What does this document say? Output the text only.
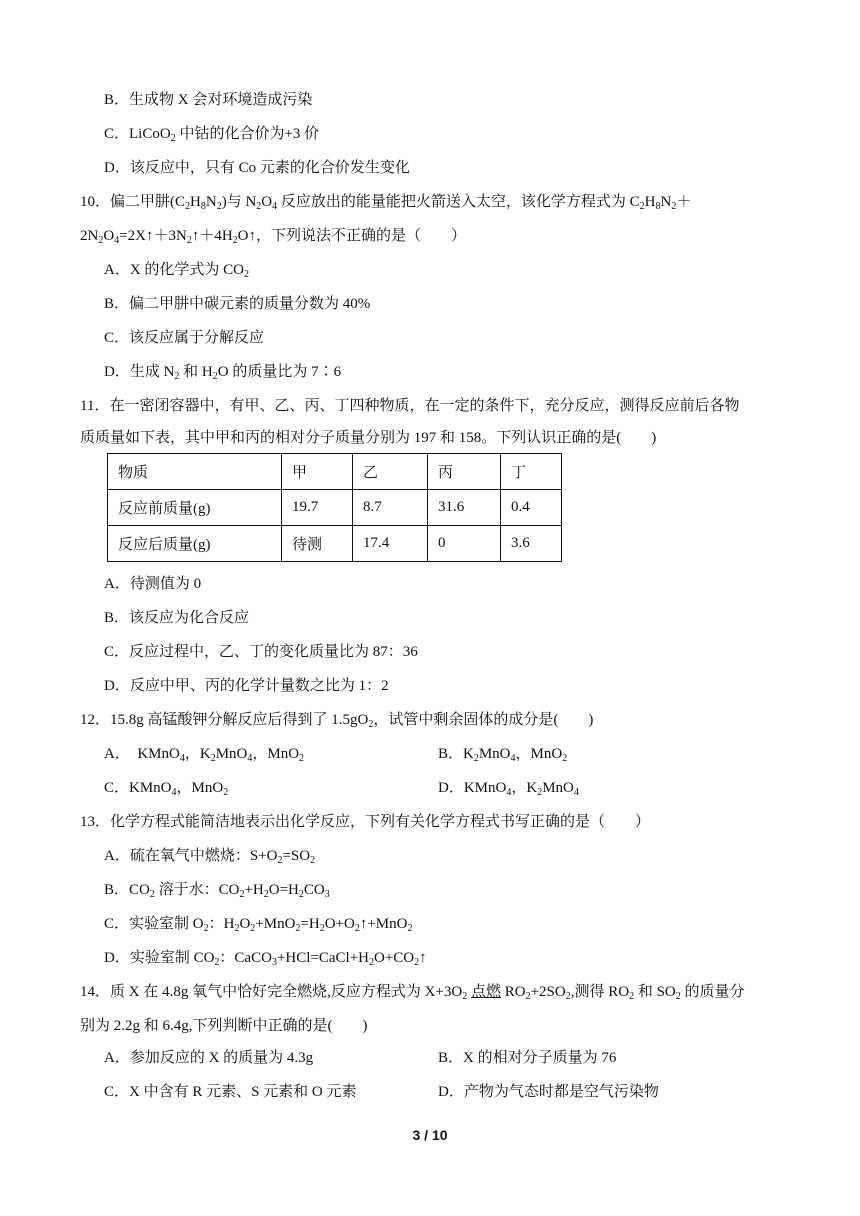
B．生成物 X 会对环境造成污染
C．LiCoO$_2$ 中钴的化合价为+3 价
D．该反应中，只有 Co 元素的化合价发生变化
10．偏二甲肼$(C_2H_8N_2)$与 $N_2O_4$ 反应放出的能量能把火箭送入太空，该化学方程式为 $C_2H_8N_2+$
$2N_2O_4=2X↑+3N_2↑+4H_2O↑$，下列说法不正确的是（　　）
A．X 的化学式为 $CO_2$
B．偏二甲肼中碳元素的质量分数为 40%
C．该反应属于分解反应
D．生成 $N_2$ 和 $H_2O$ 的质量比为 7∶6
11．在一密闭容器中，有甲、乙、丙、丁四种物质，在一定的条件下，充分反应，测得反应前后各物
质质量如下表，其中甲和丙的相对分子质量分别为 197 和 158。下列认识正确的是(　　)
物质	甲	乙	丙	丁
反应前质量(g)	19.7	8.7	31.6	0.4
反应后质量(g)	待测	17.4	0	3.6
A．待测值为 0
B．该反应为化合反应
C．反应过程中，乙、丁的变化质量比为 87：36
D．反应中甲、丙的化学计量数之比为 1：2
12．15.8g 高锰酸钾分解反应后得到了 $1.5gO_2$，试管中剩余固体的成分是(　　)
A．　KMnO$_4$，$K_2MnO_4$，MnO$_2$	B．$K_2MnO_4$，MnO$_2$
C．KMnO$_4$，MnO$_2$	D．KMnO$_4$，$K_2MnO_4$
13．化学方程式能简洁地表示出化学反应，下列有关化学方程式书写正确的是（　　）
A．硫在氧气中燃烧：$S+O_2=SO_2$
B．$CO_2$ 溶于水：$CO_2+H_2O=H_2CO_3$
C．实验室制 $O_2$：$H_2O_2+MnO_2=H_2O+O_2↑+MnO_2$
D．实验室制 $CO_2$：$CaCO_3+HCl=CaCl+H_2O+CO_2↑$
14．质 X 在 4.8g 氧气中恰好完全燃烧,反应方程式为 $X+3O_2$ 点燃 $RO_2+2SO_2$,测得 $RO_2$ 和 $SO_2$ 的质量分
别为 2.2g 和 6.4g,下列判断中正确的是(　　)
A．参加反应的 X 的质量为 4.3g	B．X 的相对分子质量为 76
C．X 中含有 R 元素、S 元素和 O 元素	D．产物为气态时都是空气污染物
3 / 10
